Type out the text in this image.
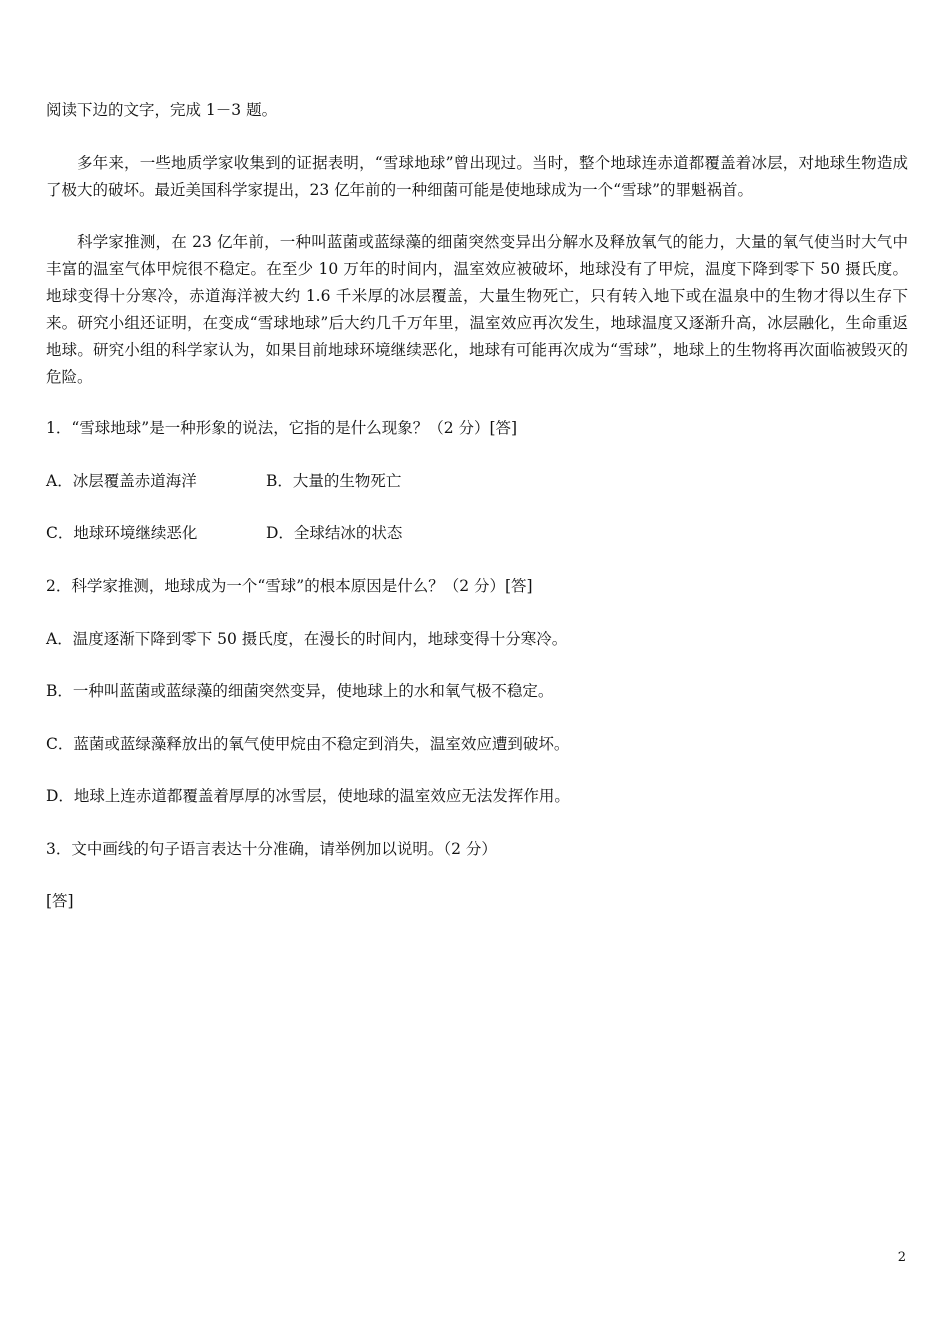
阅读下边的文字，完成 1－3 题。
多年来，一些地质学家收集到的证据表明，“雪球地球”曾出现过。当时，整个地球连赤道都覆盖着冰层，对地球生物造成了极大的破坏。最近美国科学家提出，23 亿年前的一种细菌可能是使地球成为一个“雪球”的罪魁祸首。
科学家推测，在 23 亿年前，一种叫蓝菌或蓝绿藻的细菌突然变异出分解水及释放氧气的能力，大量的氧气使当时大气中丰富的温室气体甲烷很不稳定。在至少 10 万年的时间内，温室效应被破坏，地球没有了甲烷，温度下降到零下 50 摄氏度。地球变得十分寒冷，赤道海洋被大约 1.6 千米厚的冰层覆盖，大量生物死亡，只有转入地下或在温泉中的生物才得以生存下来。研究小组还证明，在变成“雪球地球”后大约几千万年里，温室效应再次发生，地球温度又逐渐升高，冰层融化，生命重返地球。研究小组的科学家认为，如果目前地球环境继续恶化，地球有可能再次成为“雪球”，地球上的生物将再次面临被毁灭的危险。
1．“雪球地球”是一种形象的说法，它指的是什么现象？（2 分）[答]
A．冰层覆盖赤道海洋	B．大量的生物死亡
C．地球环境继续恶化	D．全球结冰的状态
2．科学家推测，地球成为一个“雪球”的根本原因是什么？（2 分）[答]
A．温度逐渐下降到零下 50 摄氏度，在漫长的时间内，地球变得十分寒冷。
B．一种叫蓝菌或蓝绿藻的细菌突然变异，使地球上的水和氧气极不稳定。
C．蓝菌或蓝绿藻释放出的氧气使甲烷由不稳定到消失，温室效应遭到破坏。
D．地球上连赤道都覆盖着厚厚的冰雪层，使地球的温室效应无法发挥作用。
3．文中画线的句子语言表达十分准确，请举例加以说明。（2 分）
[答]
2
